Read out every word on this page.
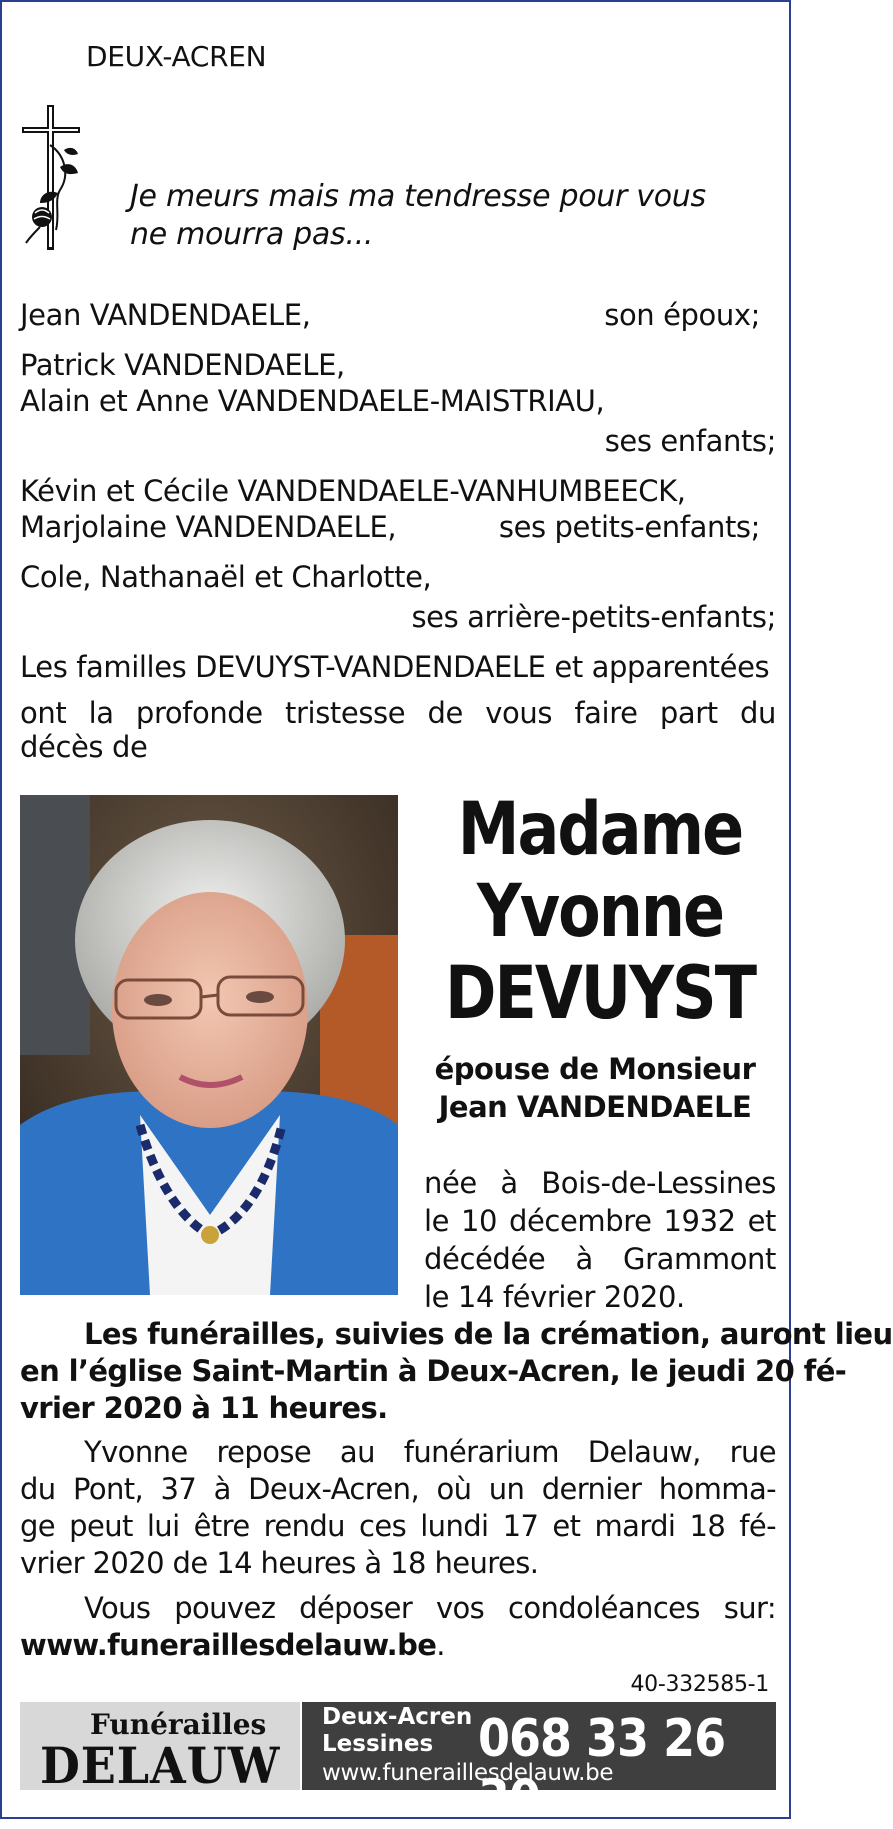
DEUX-ACREN
Je meurs mais ma tendresse pour vous
ne mourra pas...
Jean VANDENDAELE,	son époux;
Patrick VANDENDAELE,
Alain et Anne VANDENDAELE-MAISTRIAU,
ses enfants;
Kévin et Cécile VANDENDAELE-VANHUMBEECK,
Marjolaine VANDENDAELE,	ses petits-enfants;
Cole, Nathanaël et Charlotte,
ses arrière-petits-enfants;
Les familles DEVUYST-VANDENDAELE et apparentées
ont la profonde tristesse de vous faire part du
décès de
Madame
Yvonne
DEVUYST
épouse de Monsieur
Jean VANDENDAELE
née à Bois-de-Lessines
le 10 décembre 1932 et
décédée à Grammont
le 14 février 2020.
Les funérailles, suivies de la crémation, auront lieu
en l’église Saint-Martin à Deux-Acren, le jeudi 20 fé-
vrier 2020 à 11 heures.
Yvonne repose au funérarium Delauw, rue
du Pont, 37 à Deux-Acren, où un dernier homma-
ge peut lui être rendu ces lundi 17 et mardi 18 fé-
vrier 2020 de 14 heures à 18 heures.
Vous pouvez déposer vos condoléances sur:
www.funeraillesdelauw.be.
40-332585-1
Funérailles
DELAUW
Deux-Acren
Lessines 068 33 26 30
www.funeraillesdelauw.be
